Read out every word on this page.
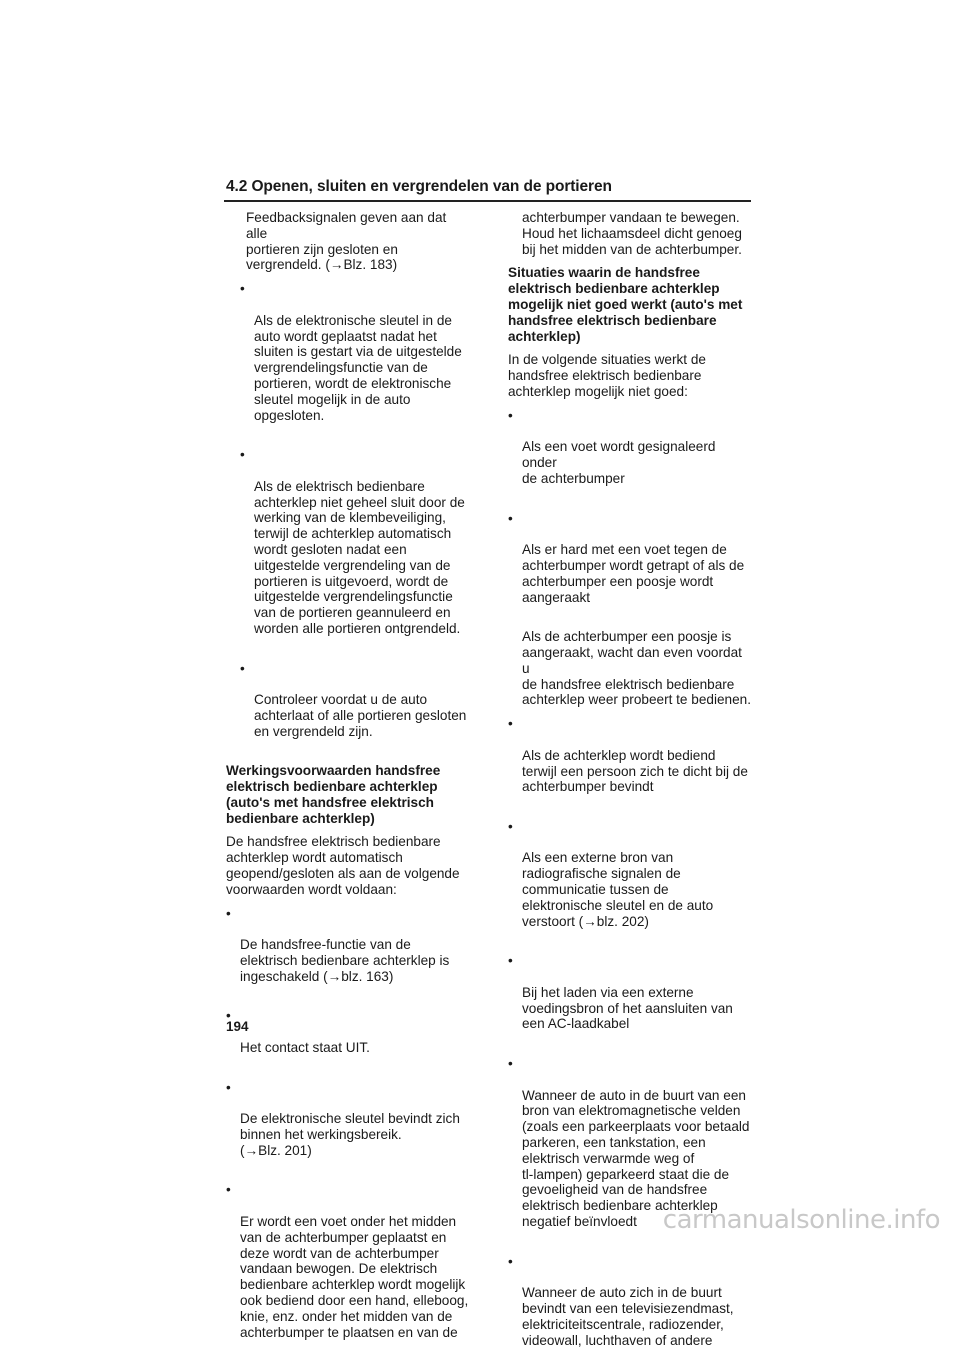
4.2 Openen, sluiten en vergrendelen van de portieren

Feedbacksignalen geven aan dat alle
portieren zijn gesloten en
vergrendeld. (→Blz. 183)

•

Als de elektronische sleutel in de
auto wordt geplaatst nadat het
sluiten is gestart via de uitgestelde
vergrendelingsfunctie van de
portieren, wordt de elektronische
sleutel mogelijk in de auto
opgesloten.

•

Als de elektrisch bedienbare
achterklep niet geheel sluit door de
werking van de klembeveiliging,
terwijl de achterklep automatisch
wordt gesloten nadat een
uitgestelde vergrendeling van de
portieren is uitgevoerd, wordt de
uitgestelde vergrendelingsfunctie
van de portieren geannuleerd en
worden alle portieren ontgrendeld.

•

Controleer voordat u de auto
achterlaat of alle portieren gesloten
en vergrendeld zijn.

Werkingsvoorwaarden handsfree
elektrisch bedienbare achterklep
(auto's met handsfree elektrisch
bedienbare achterklep)

De handsfree elektrisch bedienbare
achterklep wordt automatisch
geopend/gesloten als aan de volgende
voorwaarden wordt voldaan:

•

De handsfree-functie van de
elektrisch bedienbare achterklep is
ingeschakeld (→blz. 163)

•

Het contact staat UIT.

•

De elektronische sleutel bevindt zich
binnen het werkingsbereik.
(→Blz. 201)

•

Er wordt een voet onder het midden
van de achterbumper geplaatst en
deze wordt van de achterbumper
vandaan bewogen. De elektrisch
bedienbare achterklep wordt mogelijk
ook bediend door een hand, elleboog,
knie, enz. onder het midden van de
achterbumper te plaatsen en van de

achterbumper vandaan te bewegen.
Houd het lichaamsdeel dicht genoeg
bij het midden van de achterbumper.

Situaties waarin de handsfree
elektrisch bedienbare achterklep
mogelijk niet goed werkt (auto's met
handsfree elektrisch bedienbare
achterklep)

In de volgende situaties werkt de
handsfree elektrisch bedienbare
achterklep mogelijk niet goed:

•

Als een voet wordt gesignaleerd onder
de achterbumper

•

Als er hard met een voet tegen de
achterbumper wordt getrapt of als de
achterbumper een poosje wordt
aangeraakt

Als de achterbumper een poosje is
aangeraakt, wacht dan even voordat u
de handsfree elektrisch bedienbare
achterklep weer probeert te bedienen.

•

Als de achterklep wordt bediend
terwijl een persoon zich te dicht bij de
achterbumper bevindt

•

Als een externe bron van
radiografische signalen de
communicatie tussen de
elektronische sleutel en de auto
verstoort (→blz. 202)

•

Bij het laden via een externe
voedingsbron of het aansluiten van
een AC-laadkabel

•

Wanneer de auto in de buurt van een
bron van elektromagnetische velden
(zoals een parkeerplaats voor betaald
parkeren, een tankstation, een
elektrisch verwarmde weg of
tl-lampen) geparkeerd staat die de
gevoeligheid van de handsfree
elektrisch bedienbare achterklep
negatief beïnvloedt

•

Wanneer de auto zich in de buurt
bevindt van een televisiezendmast,
elektriciteitscentrale, radiozender,
videowall, luchthaven of andere

194
carmanualsonline.info
